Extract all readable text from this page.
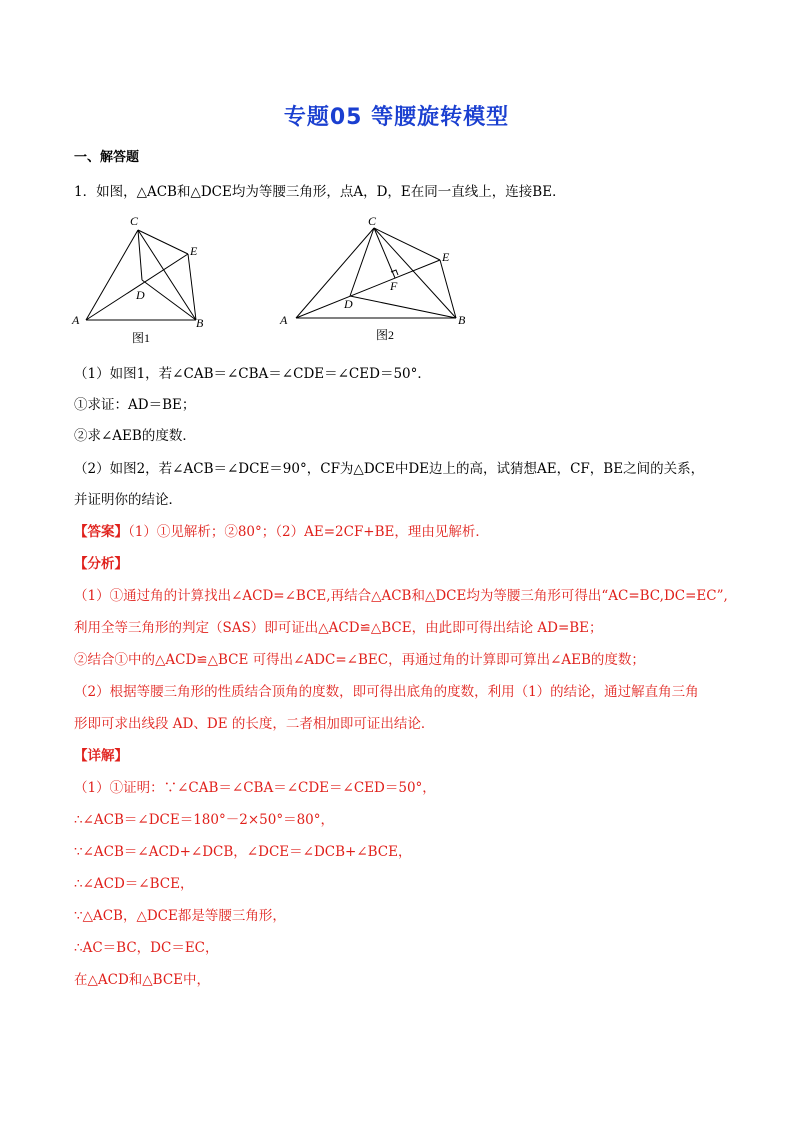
专题05 等腰旋转模型
一、解答题
1．如图，△ACB和△DCE均为等腰三角形，点A，D，E在同一直线上，连接BE．
C
E
D
A	B
图1
C
E
F
D
A	B
图2
（1）如图1，若∠CAB＝∠CBA＝∠CDE＝∠CED＝50°．
①求证：AD＝BE；
②求∠AEB的度数．
（2）如图2，若∠ACB＝∠DCE＝90°，CF为△DCE中DE边上的高，试猜想AE，CF，BE之间的关系，
并证明你的结论．
【答案】（1）①见解析；②80°；（2）AE=2CF+BE，理由见解析．
【分析】
（1）①通过角的计算找出∠ACD=∠BCE,再结合△ACB和△DCE均为等腰三角形可得出“AC=BC,DC=EC”,
利用全等三角形的判定（SAS）即可证出△ACD≌△BCE，由此即可得出结论 AD=BE；
②结合①中的△ACD≌△BCE 可得出∠ADC=∠BEC，再通过角的计算即可算出∠AEB的度数；
（2）根据等腰三角形的性质结合顶角的度数，即可得出底角的度数，利用（1）的结论，通过解直角三角
形即可求出线段 AD、DE 的长度，二者相加即可证出结论．
【详解】
（1）①证明：∵∠CAB＝∠CBA＝∠CDE＝∠CED＝50°，
∴∠ACB＝∠DCE＝180°－2×50°＝80°，
∵∠ACB＝∠ACD+∠DCB，∠DCE＝∠DCB+∠BCE，
∴∠ACD＝∠BCE，
∵△ACB，△DCE都是等腰三角形，
∴AC＝BC，DC＝EC，
在△ACD和△BCE中，
